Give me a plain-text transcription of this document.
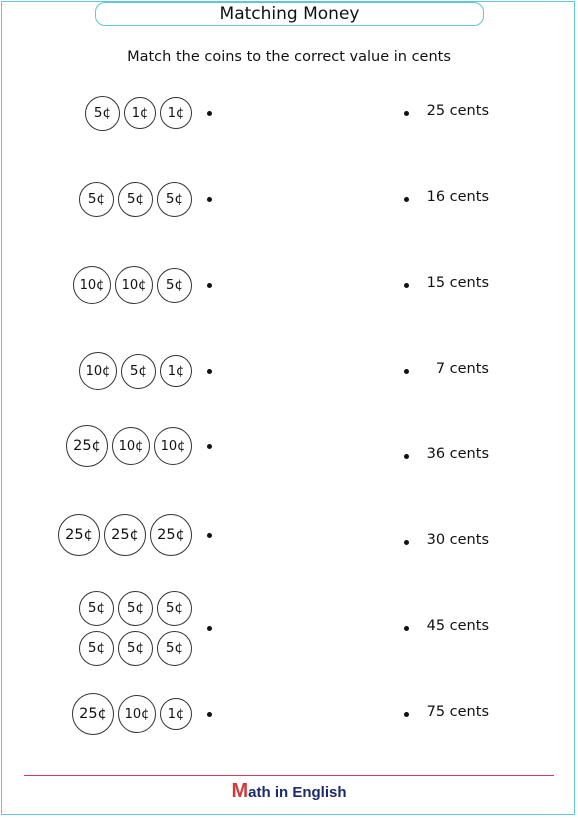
Matching Money
Match the coins to the correct value in cents
5¢	1¢	1¢
5¢	5¢	5¢
10¢	10¢	5¢
10¢	5¢	1¢
25¢	10¢	10¢
25¢	25¢	25¢
5¢	5¢	5¢
5¢	5¢	5¢
25¢	10¢	1¢
25 cents
16 cents
15 cents
7 cents
36 cents
30 cents
45 cents
75 cents
Math in English
